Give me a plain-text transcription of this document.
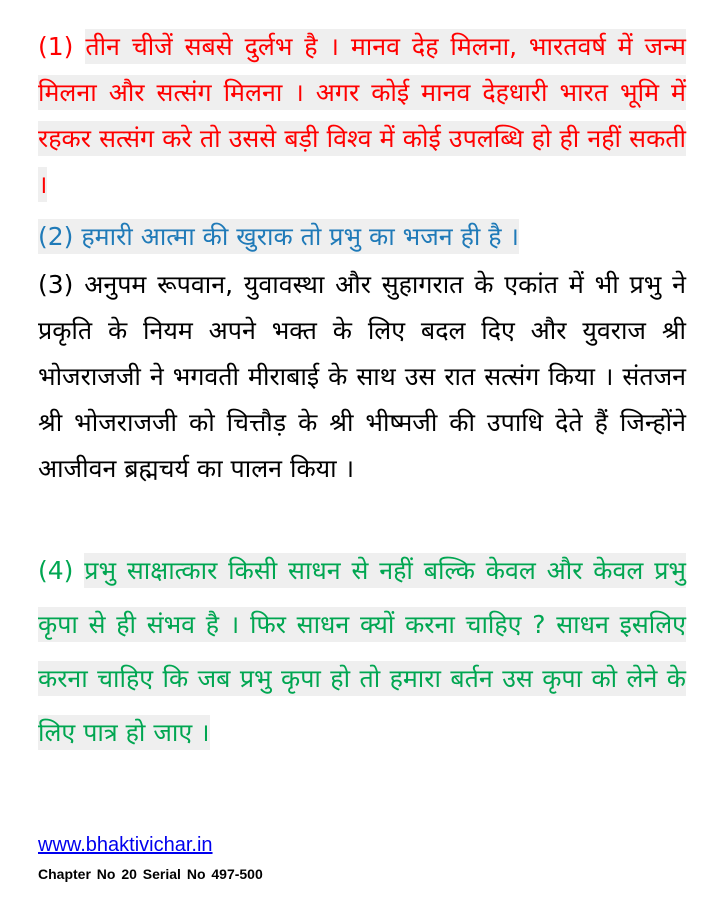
(1) तीन चीजें सबसे दुर्लभ है । मानव देह मिलना, भारतवर्ष में जन्म मिलना और सत्संग मिलना । अगर कोई मानव देहधारी भारत भूमि में रहकर सत्संग करे तो उससे बड़ी विश्व में कोई उपलब्धि हो ही नहीं सकती ।

(2) हमारी आत्मा की खुराक तो प्रभु का भजन ही है ।

(3) अनुपम रूपवान, युवावस्था और सुहागरात के एकांत में भी प्रभु ने प्रकृति के नियम अपने भक्त के लिए बदल दिए और युवराज श्री भोजराजजी ने भगवती मीराबाई के साथ उस रात सत्संग किया । संतजन श्री भोजराजजी को चित्तौड़ के श्री भीष्मजी की उपाधि देते हैं जिन्होंने आजीवन ब्रह्मचर्य का पालन किया ।

(4) प्रभु साक्षात्कार किसी साधन से नहीं बल्कि केवल और केवल प्रभु कृपा से ही संभव है । फिर साधन क्यों करना चाहिए ? साधन इसलिए करना चाहिए कि जब प्रभु कृपा हो तो हमारा बर्तन उस कृपा को लेने के लिए पात्र हो जाए ।

www.bhaktivichar.in
Chapter No 20 Serial No 497-500
